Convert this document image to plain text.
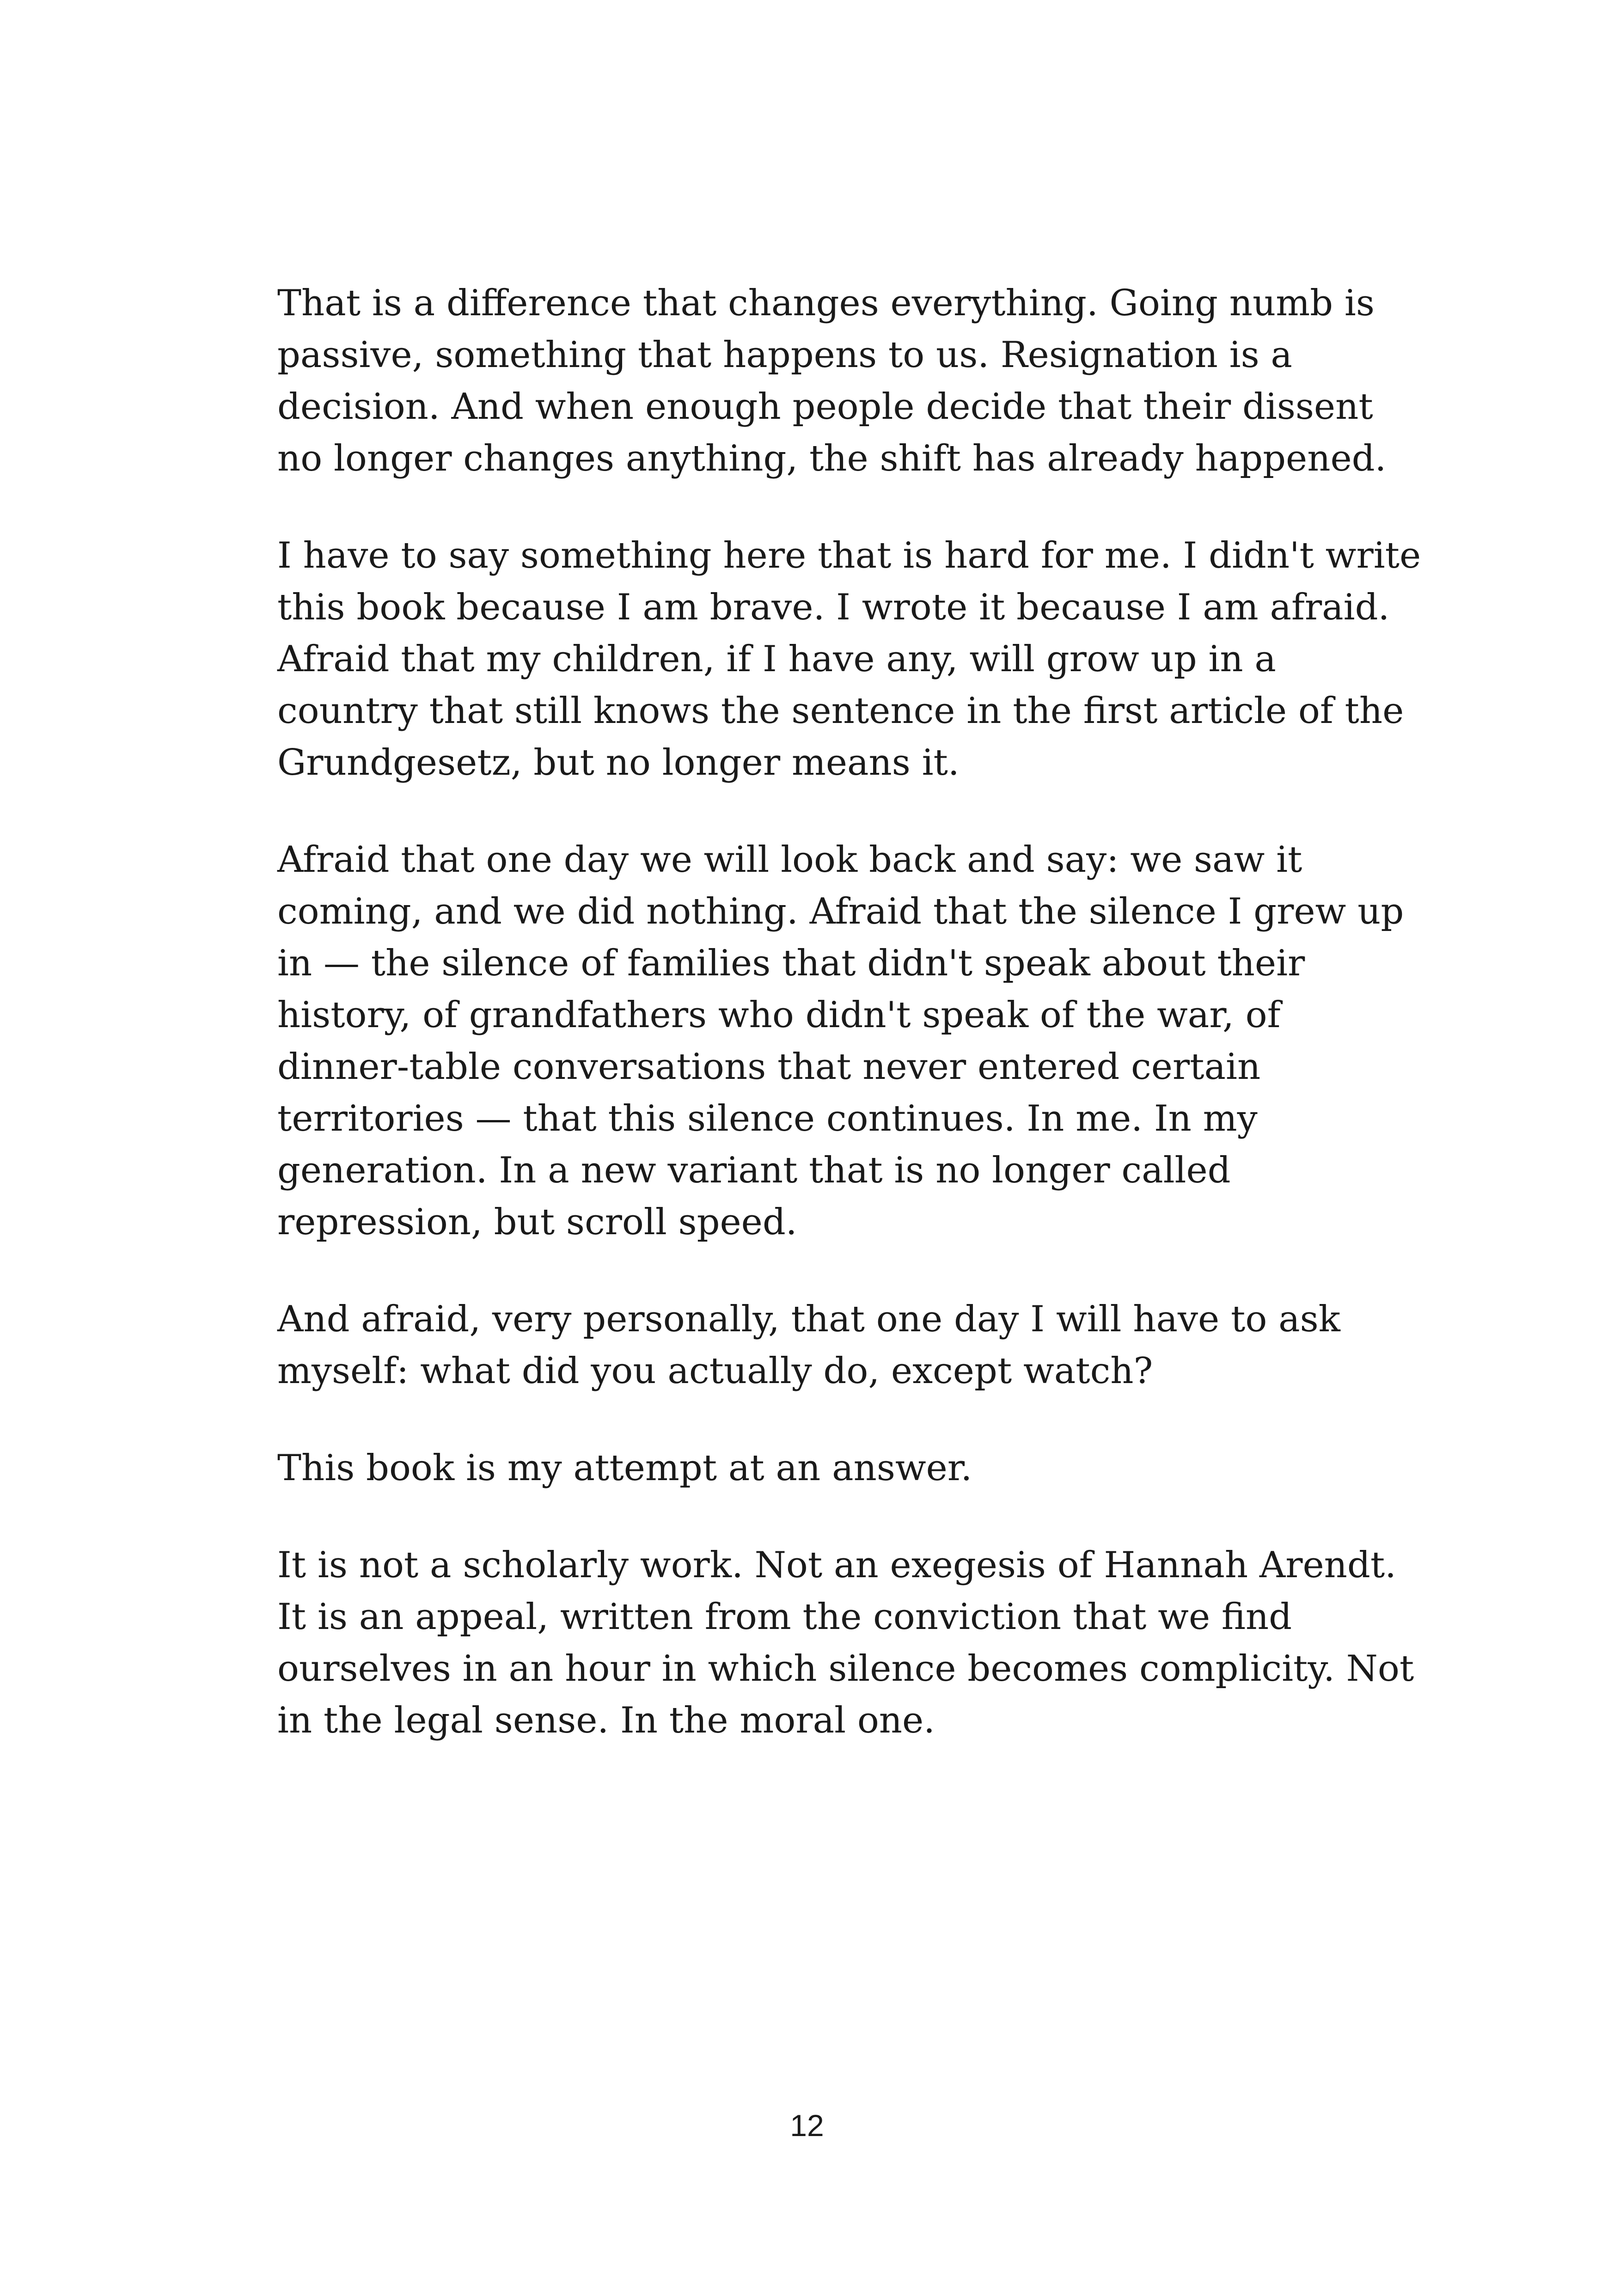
That is a difference that changes everything. Going numb is
passive, something that happens to us. Resignation is a
decision. And when enough people decide that their dissent
no longer changes anything, the shift has already happened.

I have to say something here that is hard for me. I didn't write
this book because I am brave. I wrote it because I am afraid.
Afraid that my children, if I have any, will grow up in a
country that still knows the sentence in the first article of the
Grundgesetz, but no longer means it.

Afraid that one day we will look back and say: we saw it
coming, and we did nothing. Afraid that the silence I grew up
in — the silence of families that didn't speak about their
history, of grandfathers who didn't speak of the war, of
dinner-table conversations that never entered certain
territories — that this silence continues. In me. In my
generation. In a new variant that is no longer called
repression, but scroll speed.

And afraid, very personally, that one day I will have to ask
myself: what did you actually do, except watch?

This book is my attempt at an answer.

It is not a scholarly work. Not an exegesis of Hannah Arendt.
It is an appeal, written from the conviction that we find
ourselves in an hour in which silence becomes complicity. Not
in the legal sense. In the moral one.

12
